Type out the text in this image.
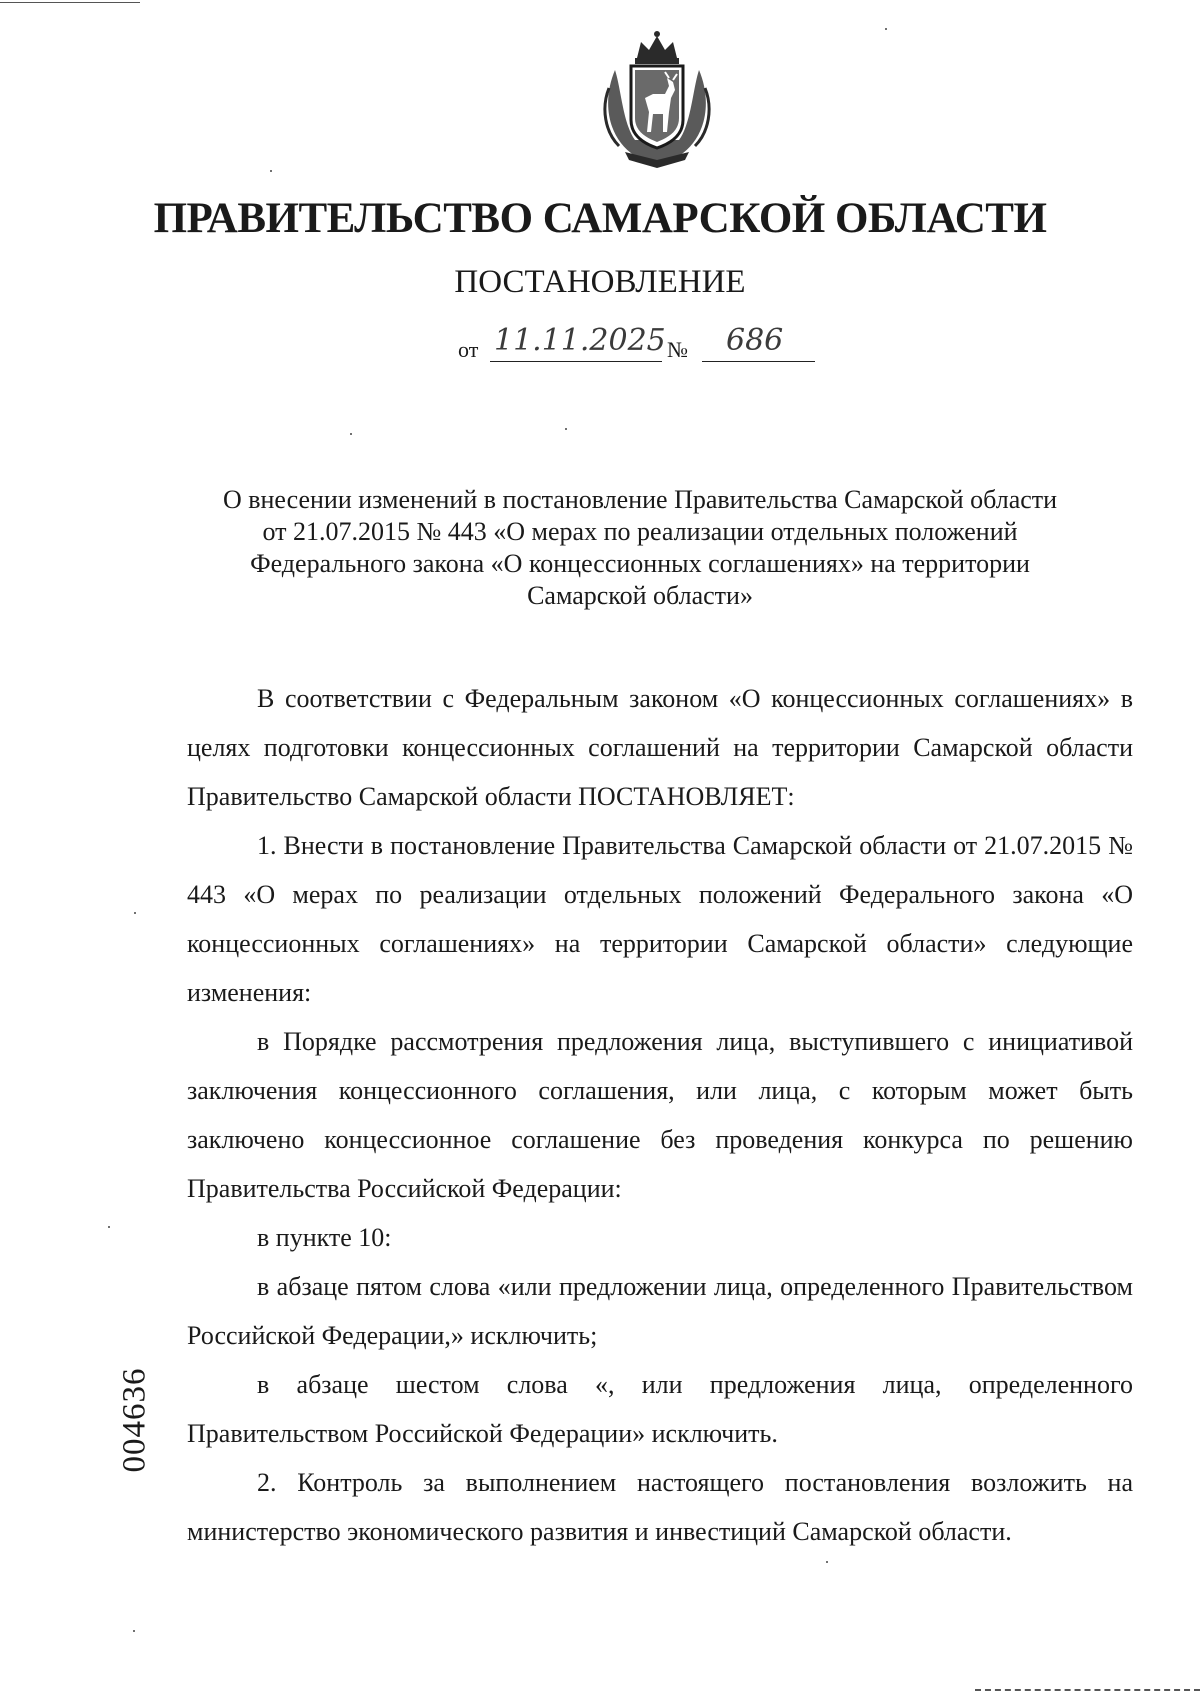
ПРАВИТЕЛЬСТВО САМАРСКОЙ ОБЛАСТИ
ПОСТАНОВЛЕНИЕ
от 11.11.2025 № 686
О внесении изменений в постановление Правительства Самарской области
от 21.07.2015 № 443 «О мерах по реализации отдельных положений
Федерального закона «О концессионных соглашениях» на территории
Самарской области»

В соответствии с Федеральным законом «О концессионных соглашениях» в целях подготовки концессионных соглашений на территории Самарской области Правительство Самарской области ПОСТАНОВЛЯЕТ:

1. Внести в постановление Правительства Самарской области от 21.07.2015 № 443 «О мерах по реализации отдельных положений Федерального закона «О концессионных соглашениях» на территории Самарской области» следующие изменения:

в Порядке рассмотрения предложения лица, выступившего с инициативой заключения концессионного соглашения, или лица, с которым может быть заключено концессионное соглашение без проведения конкурса по решению Правительства Российской Федерации:

в пункте 10:

в абзаце пятом слова «или предложении лица, определенного Правительством Российской Федерации,» исключить;

в абзаце шестом слова «, или предложения лица, определенного Правительством Российской Федерации» исключить.

2. Контроль за выполнением настоящего постановления возложить на министерство экономического развития и инвестиций Самарской области.

004636
